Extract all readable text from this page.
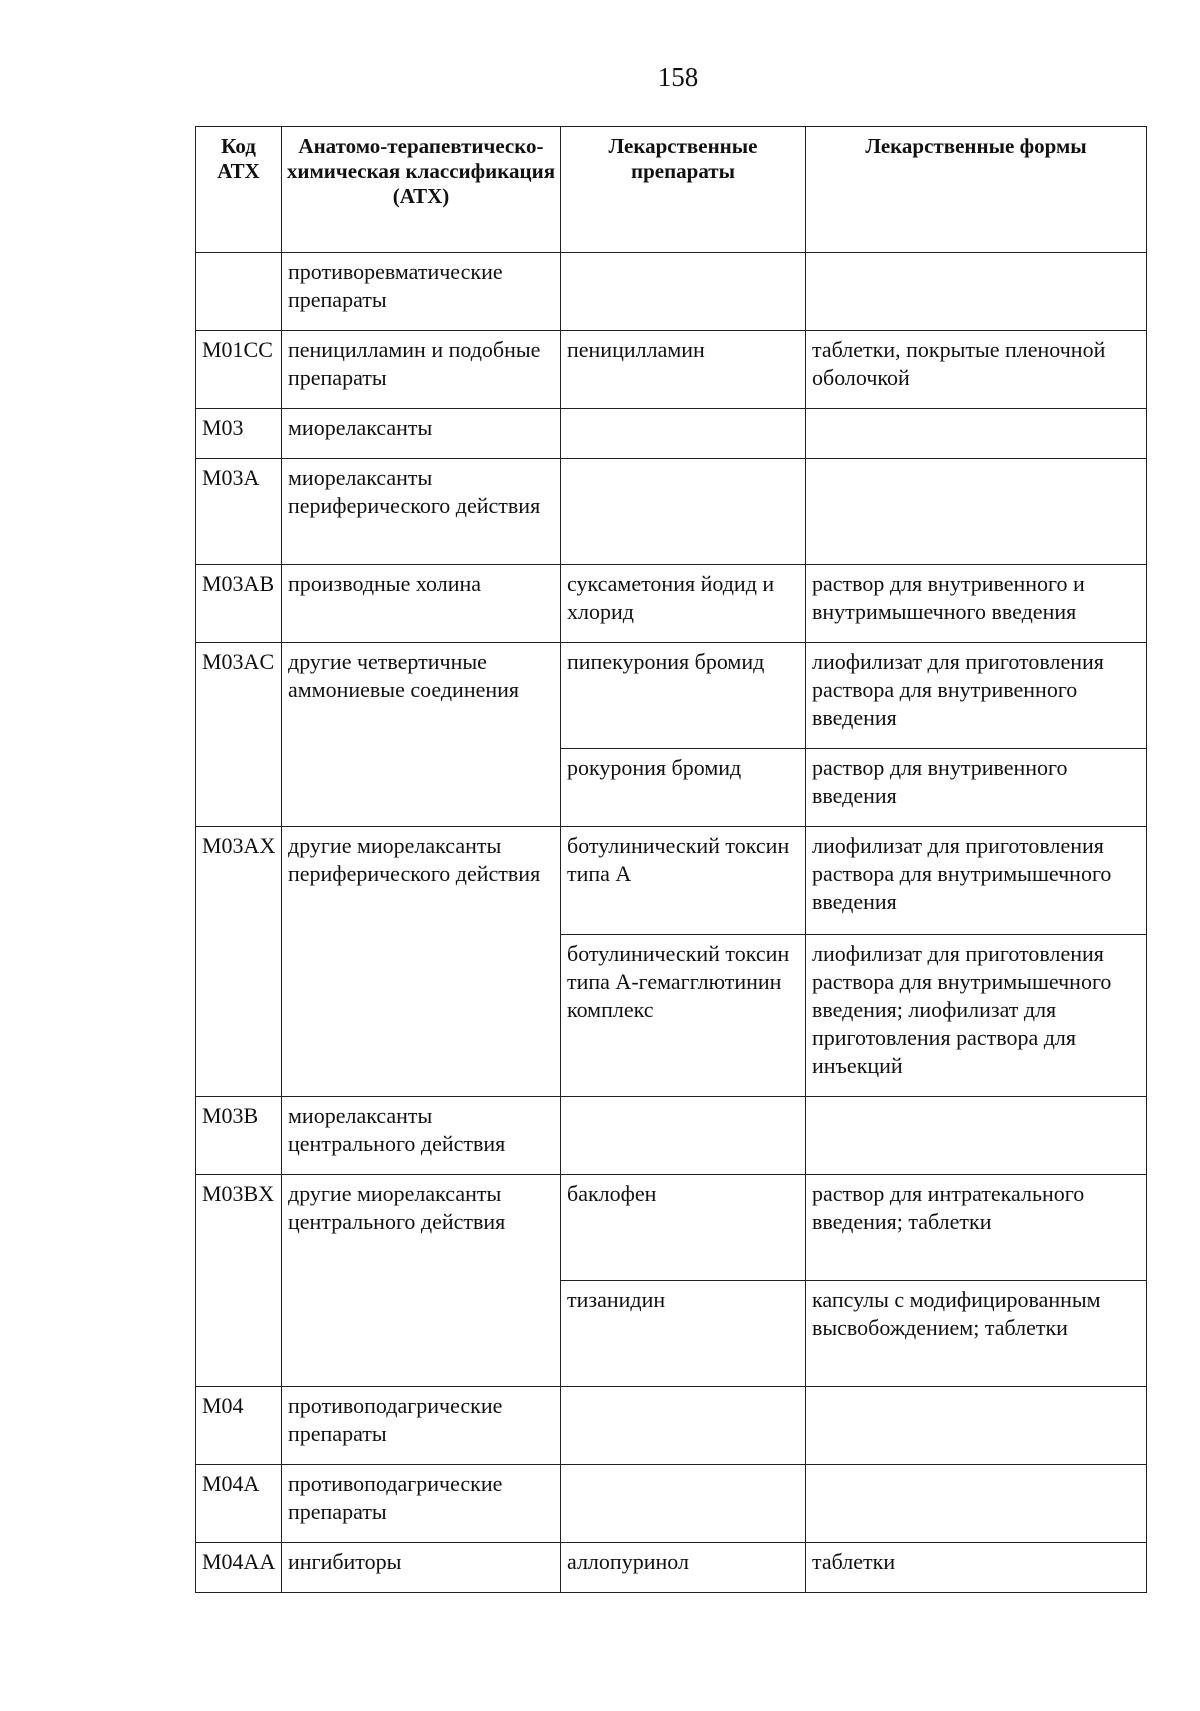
158
Код АТХ	Анатомо-терапевтическо-химическая классификация (АТХ)	Лекарственные препараты	Лекарственные формы
	противоревматические препараты		
M01CC	пеницилламин и подобные препараты	пеницилламин	таблетки, покрытые пленочной оболочкой
M03	миорелаксанты		
M03A	миорелаксанты периферического действия		
M03AB	производные холина	суксаметония йодид и хлорид	раствор для внутривенного и внутримышечного введения
M03AC	другие четвертичные аммониевые соединения	пипекурония бромид	лиофилизат для приготовления раствора для внутривенного введения
		рокурония бромид	раствор для внутривенного введения
M03AX	другие миорелаксанты периферического действия	ботулинический токсин типа А	лиофилизат для приготовления раствора для внутримышечного введения
		ботулинический токсин типа А-гемагглютинин комплекс	лиофилизат для приготовления раствора для внутримышечного введения; лиофилизат для приготовления раствора для инъекций
M03B	миорелаксанты центрального действия		
M03BX	другие миорелаксанты центрального действия	баклофен	раствор для интратекального введения; таблетки
		тизанидин	капсулы с модифицированным высвобождением; таблетки
M04	противоподагрические препараты		
M04A	противоподагрические препараты		
M04AA	ингибиторы	аллопуринол	таблетки
